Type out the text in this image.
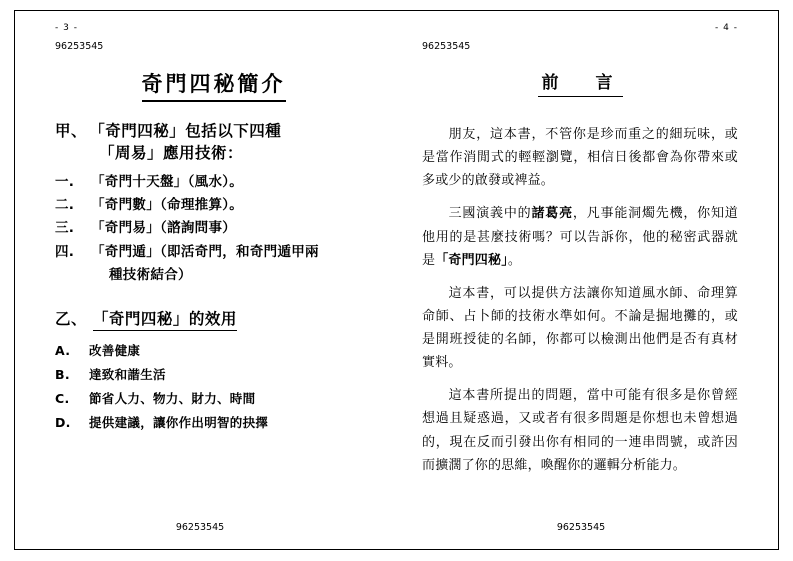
- 3 -
96253545
奇門四秘簡介
甲、 「奇門四秘」包括以下四種
「周易」應用技術：
一.	「奇門十天盤」（風水）。
二.	「奇門數」（命理推算）。
三.	「奇門易」（諮詢問事）
四.	「奇門遁」（即活奇門，和奇門遁甲兩
種技術結合）
乙、 「奇門四秘」的效用
A.	改善健康
B.	達致和諧生活
C.	節省人力、物力、財力、時間
D.	提供建議，讓你作出明智的抉擇
96253545
- 4 -
96253545
前　言

朋友，這本書，不管你是珍而重之的細玩味，或是當作消閒式的輕輕瀏覽，相信日後都會為你帶來或多或少的啟發或裨益。

三國演義中的諸葛亮，凡事能洞燭先機，你知道他用的是甚麼技術嗎？可以告訴你，他的秘密武器就是「奇門四秘」。

這本書，可以提供方法讓你知道風水師、命理算命師、占卜師的技術水準如何。不論是掘地攤的，或是開班授徒的名師，你都可以檢測出他們是否有真材實料。

這本書所提出的問題，當中可能有很多是你曾經想過且疑惑過，又或者有很多問題是你想也未曾想過的，現在反而引發出你有相同的一連串問號，或許因而擴濶了你的思維，喚醒你的邏輯分析能力。

96253545
